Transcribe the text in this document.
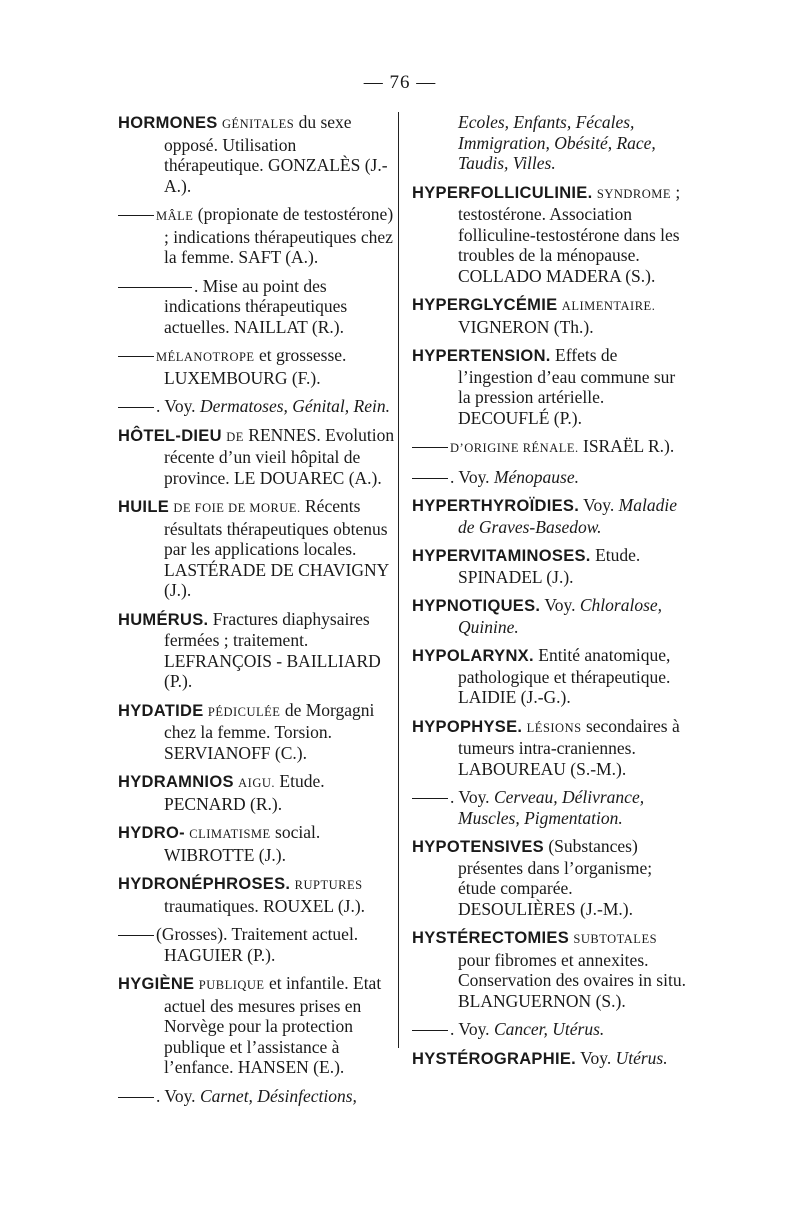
— 76 —

HORMONES GÉNITALES du sexe opposé. Utilisation thérapeutique. GONZALÈS (J.-A.).

MÂLE (propionate de testostérone) ; indications thérapeutiques chez la femme. SAFT (A.).

. Mise au point des indications thérapeutiques actuelles. NAILLAT (R.).

MÉLANOTROPE et grossesse. LUXEMBOURG (F.).

. Voy. Dermatoses, Génital, Rein.

HÔTEL-DIEU DE RENNES. Evolution récente d’un vieil hôpital de province. LE DOUAREC (A.).

HUILE DE FOIE DE MORUE. Récents résultats thérapeutiques obtenus par les applications locales. LASTÉRADE DE CHAVIGNY (J.).

HUMÉRUS. Fractures diaphysaires fermées ; traitement. LEFRANÇOIS - BAILLIARD (P.).

HYDATIDE PÉDICULÉE de Morgagni chez la femme. Torsion. SERVIANOFF (C.).

HYDRAMNIOS AIGU. Etude. PECNARD (R.).

HYDRO- CLIMATISME social. WIBROTTE (J.).

HYDRONÉPHROSES. RUPTURES traumatiques. ROUXEL (J.).

(Grosses). Traitement actuel. HAGUIER (P.).

HYGIÈNE PUBLIQUE et infantile. Etat actuel des mesures prises en Norvège pour la protection publique et l’assistance à l’enfance. HANSEN (E.).

. Voy. Carnet, Désinfections,

Ecoles, Enfants, Fécales, Immigration, Obésité, Race, Taudis, Villes.

HYPERFOLLICULINIE. SYNDROME ; testostérone. Association folliculine-testostérone dans les troubles de la ménopause. COLLADO MADERA (S.).

HYPERGLYCÉMIE ALIMENTAIRE. VIGNERON (Th.).

HYPERTENSION. Effets de l’ingestion d’eau commune sur la pression artérielle. DECOUFLÉ (P.).

D’ORIGINE RÉNALE. ISRAËL R.).

. Voy. Ménopause.

HYPERTHYROÏDIES. Voy. Maladie de Graves-Basedow.

HYPERVITAMINOSES. Etude. SPINADEL (J.).

HYPNOTIQUES. Voy. Chloralose, Quinine.

HYPOLARYNX. Entité anatomique, pathologique et thérapeutique. LAIDIE (J.-G.).

HYPOPHYSE. LÉSIONS secondaires à tumeurs intra-craniennes. LABOUREAU (S.-M.).

. Voy. Cerveau, Délivrance, Muscles, Pigmentation.

HYPOTENSIVES (Substances) présentes dans l’organisme; étude comparée. DESOULIÈRES (J.-M.).

HYSTÉRECTOMIES SUBTOTALES pour fibromes et annexites. Conservation des ovaires in situ. BLANGUERNON (S.).

. Voy. Cancer, Utérus.

HYSTÉROGRAPHIE. Voy. Utérus.
